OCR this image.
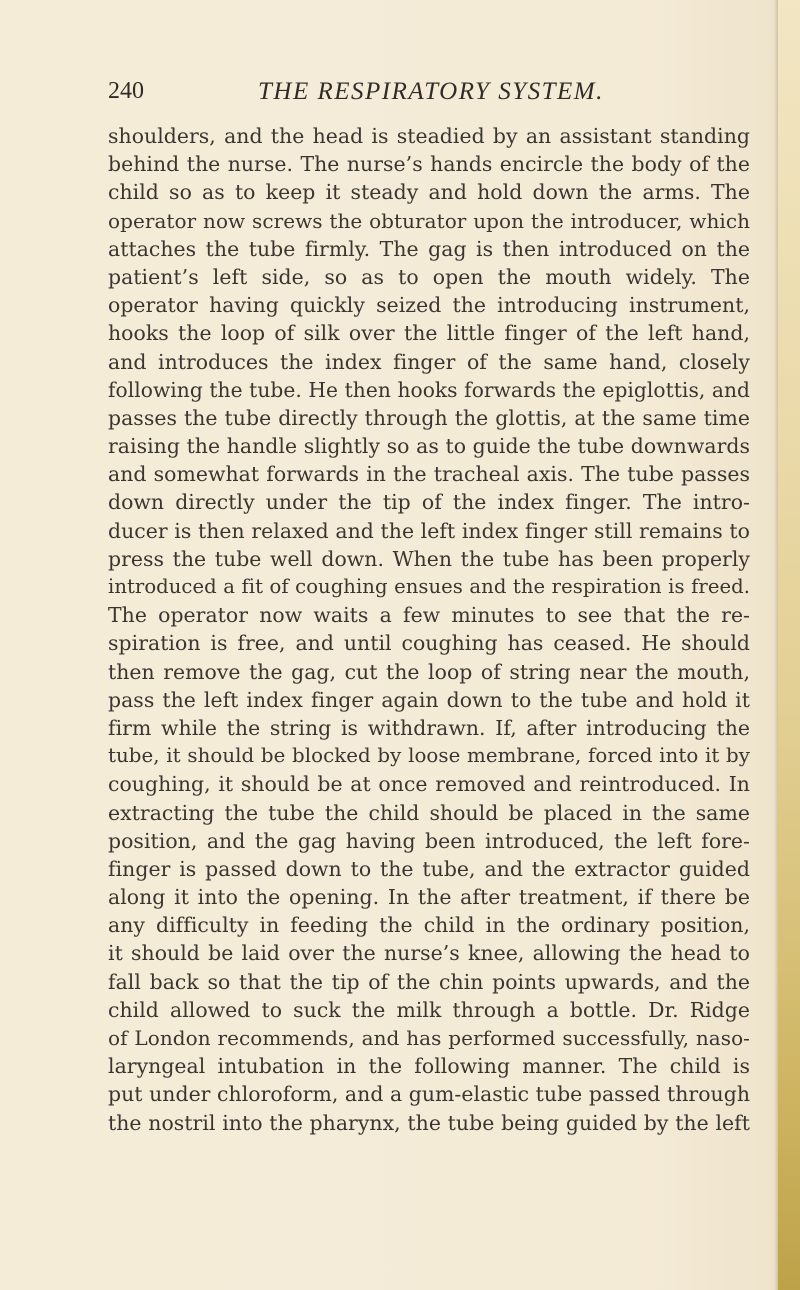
240	THE RESPIRATORY SYSTEM.
shoulders, and the head is steadied by an assistant standing
behind the nurse. The nurse’s hands encircle the body of the
child so as to keep it steady and hold down the arms. The
operator now screws the obturator upon the introducer, which
attaches the tube firmly. The gag is then introduced on the
patient’s left side, so as to open the mouth widely. The
operator having quickly seized the introducing instrument,
hooks the loop of silk over the little finger of the left hand,
and introduces the index finger of the same hand, closely
following the tube. He then hooks forwards the epiglottis, and
passes the tube directly through the glottis, at the same time
raising the handle slightly so as to guide the tube downwards
and somewhat forwards in the tracheal axis. The tube passes
down directly under the tip of the index finger. The intro-
ducer is then relaxed and the left index finger still remains to
press the tube well down. When the tube has been properly
introduced a fit of coughing ensues and the respiration is freed.
The operator now waits a few minutes to see that the re-
spiration is free, and until coughing has ceased. He should
then remove the gag, cut the loop of string near the mouth,
pass the left index finger again down to the tube and hold it
firm while the string is withdrawn. If, after introducing the
tube, it should be blocked by loose membrane, forced into it by
coughing, it should be at once removed and reintroduced. In
extracting the tube the child should be placed in the same
position, and the gag having been introduced, the left fore-
finger is passed down to the tube, and the extractor guided
along it into the opening. In the after treatment, if there be
any difficulty in feeding the child in the ordinary position,
it should be laid over the nurse’s knee, allowing the head to
fall back so that the tip of the chin points upwards, and the
child allowed to suck the milk through a bottle. Dr. Ridge
of London recommends, and has performed successfully, naso-
laryngeal intubation in the following manner. The child is
put under chloroform, and a gum-elastic tube passed through
the nostril into the pharynx, the tube being guided by the left
